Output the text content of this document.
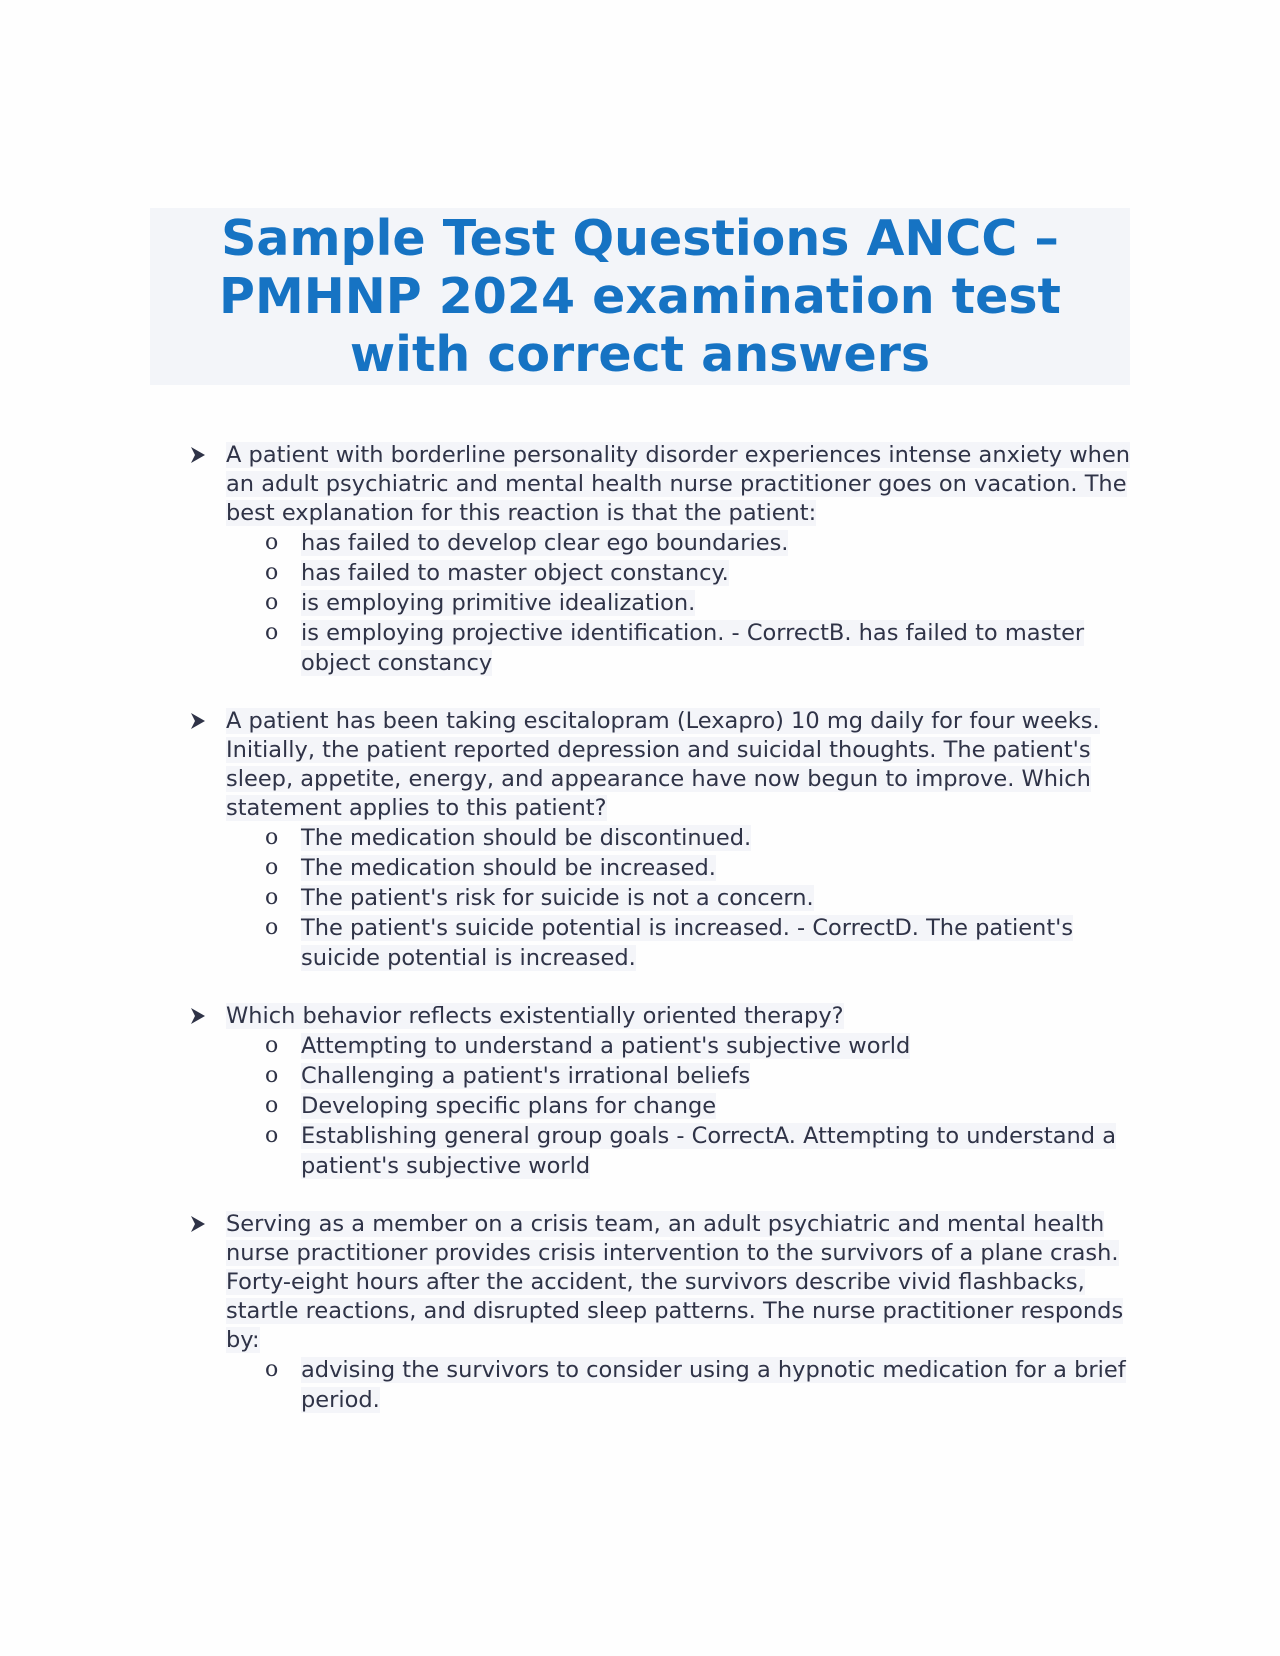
Sample Test Questions ANCC – PMHNP 2024 examination test with correct answers
A patient with borderline personality disorder experiences intense anxiety when an adult psychiatric and mental health nurse practitioner goes on vacation. The best explanation for this reaction is that the patient:
o has failed to develop clear ego boundaries.
o has failed to master object constancy.
o is employing primitive idealization.
o is employing projective identification. - CorrectB. has failed to master object constancy
A patient has been taking escitalopram (Lexapro) 10 mg daily for four weeks. Initially, the patient reported depression and suicidal thoughts. The patient's sleep, appetite, energy, and appearance have now begun to improve. Which statement applies to this patient?
o The medication should be discontinued.
o The medication should be increased.
o The patient's risk for suicide is not a concern.
o The patient's suicide potential is increased. - CorrectD. The patient's suicide potential is increased.
Which behavior reflects existentially oriented therapy?
o Attempting to understand a patient's subjective world
o Challenging a patient's irrational beliefs
o Developing specific plans for change
o Establishing general group goals - CorrectA. Attempting to understand a patient's subjective world
Serving as a member on a crisis team, an adult psychiatric and mental health nurse practitioner provides crisis intervention to the survivors of a plane crash. Forty-eight hours after the accident, the survivors describe vivid flashbacks, startle reactions, and disrupted sleep patterns. The nurse practitioner responds by:
o advising the survivors to consider using a hypnotic medication for a brief period.
